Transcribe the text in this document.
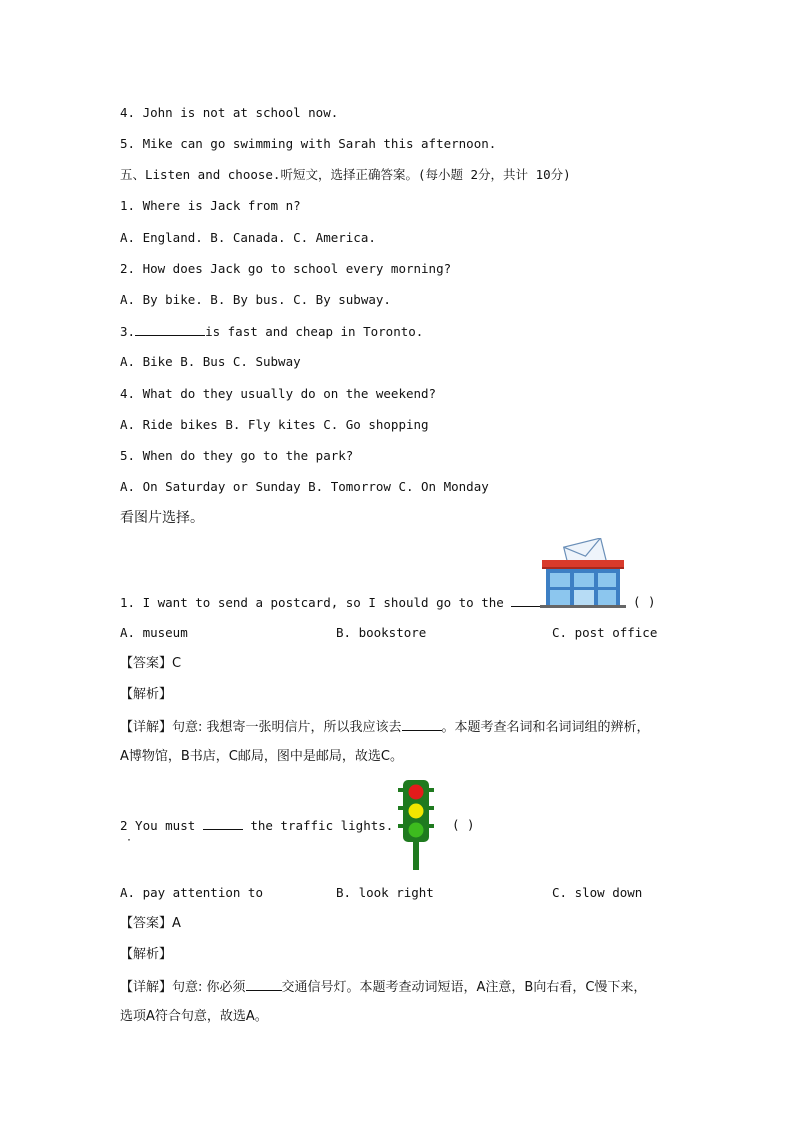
4. John is not at school now.
5. Mike can go swimming with Sarah this afternoon.
五、Listen and choose.听短文，选择正确答案。(每小题 2分，共计 10分)
1. Where is Jack from n?
A. England. B. Canada. C. America.
2. How does Jack go to school every morning?
A. By bike. B. By bus. C. By subway.
3.	is fast and cheap in Toronto.
A. Bike B. Bus C. Subway
4. What do they usually do on the weekend?
A. Ride bikes B. Fly kites C. Go shopping
5. When do they go to the park?
A. On Saturday or Sunday B. Tomorrow C. On Monday
看图片选择。
1. I want to send a postcard, so I should go to the	( )
A. museum	B. bookstore	C. post office
【答案】C
【解析】
【详解】句意: 我想寄一张明信片，所以我应该去	。本题考查名词和名词词组的辨析，
A博物馆，B书店，C邮局，图中是邮局，故选C。
2 You must	the traffic lights.
·
( )
A. pay attention to	B. look right	C. slow down
【答案】A
【解析】
【详解】句意: 你必须	交通信号灯。本题考查动词短语，A注意，B向右看，C慢下来，
选项A符合句意，故选A。
